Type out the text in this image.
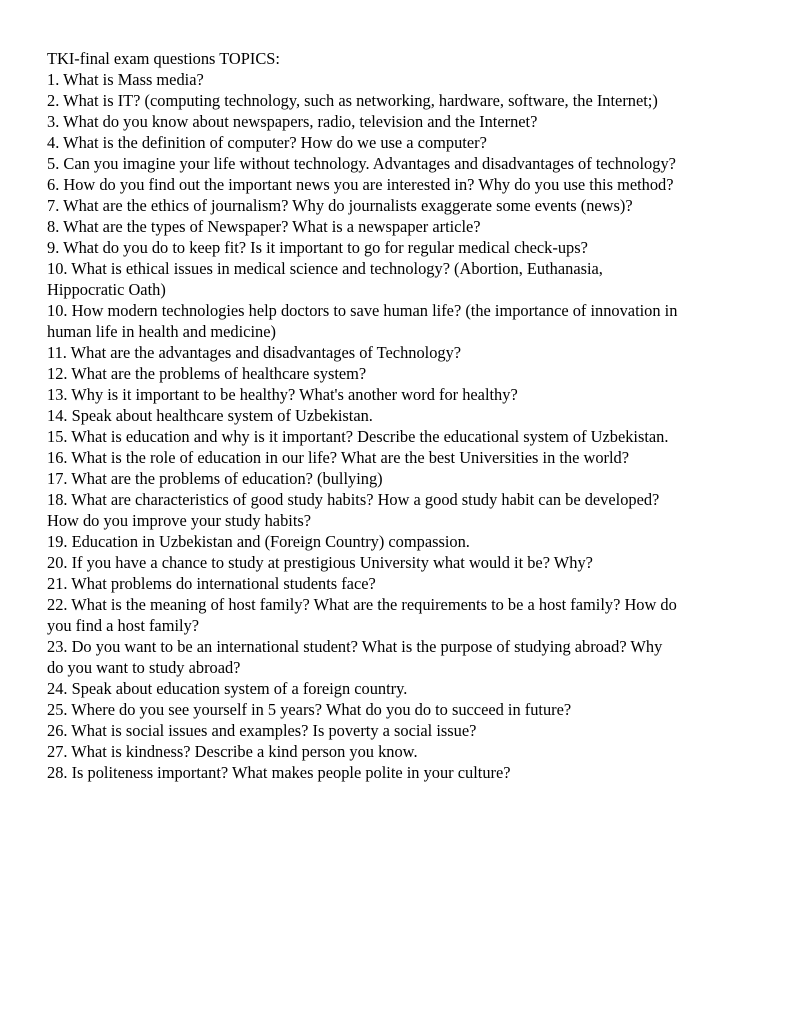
TKI-final exam questions TOPICS:
1. What is Mass media?
2. What is IT? (computing technology, such as networking, hardware, software, the Internet;)
3. What do you know about newspapers, radio, television and the Internet?
4. What is the definition of computer? How do we use a computer?
5. Can you imagine your life without technology. Advantages and disadvantages of technology?
6. How do you find out the important news you are interested in? Why do you use this method?
7. What are the ethics of journalism? Why do journalists exaggerate some events (news)?
8. What are the types of Newspaper? What is a newspaper article?
9. What do you do to keep fit? Is it important to go for regular medical check-ups?
10. What is ethical issues in medical science and technology? (Abortion, Euthanasia,
Hippocratic Oath)
10. How modern technologies help doctors to save human life? (the importance of innovation in
human life in health and medicine)
11. What are the advantages and disadvantages of Technology?
12. What are the problems of healthcare system?
13. Why is it important to be healthy? What's another word for healthy?
14. Speak about healthcare system of Uzbekistan.
15. What is education and why is it important? Describe the educational system of Uzbekistan.
16. What is the role of education in our life? What are the best Universities in the world?
17. What are the problems of education? (bullying)
18. What are characteristics of good study habits? How a good study habit can be developed?
How do you improve your study habits?
19. Education in Uzbekistan and (Foreign Country) compassion.
20. If you have a chance to study at prestigious University what would it be? Why?
21. What problems do international students face?
22. What is the meaning of host family? What are the requirements to be a host family? How do
you find a host family?
23. Do you want to be an international student? What is the purpose of studying abroad? Why
do you want to study abroad?
24. Speak about education system of a foreign country.
25. Where do you see yourself in 5 years? What do you do to succeed in future?
26. What is social issues and examples? Is poverty a social issue?
27. What is kindness? Describe a kind person you know.
28. Is politeness important? What makes people polite in your culture?
